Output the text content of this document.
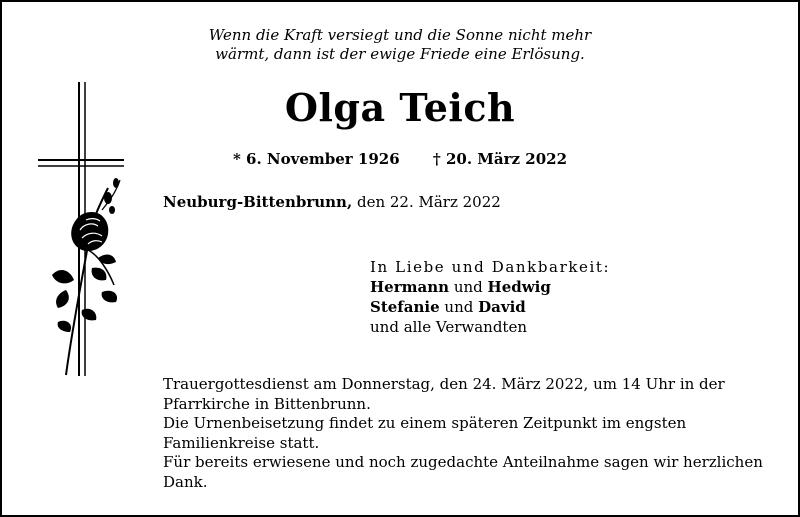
Wenn die Kraft versiegt und die Sonne nicht mehr
wärmt, dann ist der ewige Friede eine Erlösung.
Olga Teich
* 6. November 1926 † 20. März 2022
Neuburg-Bittenbrunn, den 22. März 2022
In Liebe und Dankbarkeit:
Hermann und Hedwig
Stefanie und David
und alle Verwandten

Trauergottesdienst am Donnerstag, den 24. März 2022, um 14 Uhr in der Pfarrkirche in Bittenbrunn.

Die Urnenbeisetzung findet zu einem späteren Zeitpunkt im engsten Familienkreise statt.

Für bereits erwiesene und noch zugedachte Anteilnahme sagen wir herzlichen Dank.
